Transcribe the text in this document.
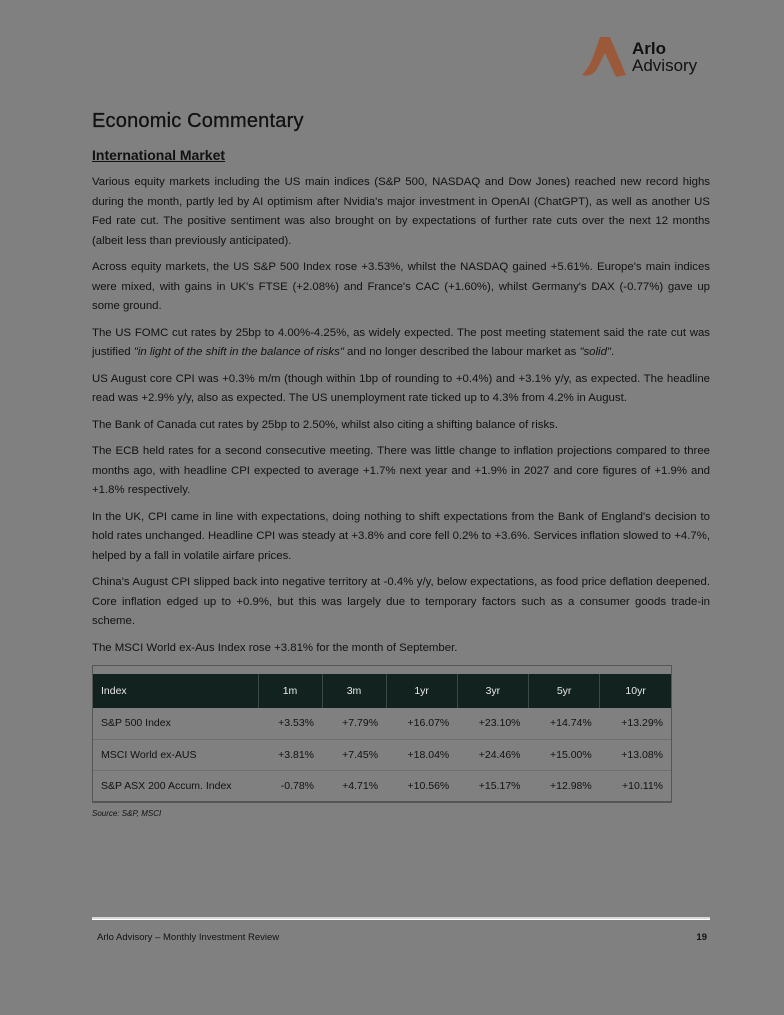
Arlo
Advisory
Economic Commentary
International Market

Various equity markets including the US main indices (S&P 500, NASDAQ and Dow Jones) reached new record highs during the month, partly led by AI optimism after Nvidia's major investment in OpenAI (ChatGPT), as well as another US Fed rate cut. The positive sentiment was also brought on by expectations of further rate cuts over the next 12 months (albeit less than previously anticipated).

Across equity markets, the US S&P 500 Index rose +3.53%, whilst the NASDAQ gained +5.61%. Europe's main indices were mixed, with gains in UK's FTSE (+2.08%) and France's CAC (+1.60%), whilst Germany's DAX (-0.77%) gave up some ground.

The US FOMC cut rates by 25bp to 4.00%-4.25%, as widely expected. The post meeting statement said the rate cut was justified "in light of the shift in the balance of risks" and no longer described the labour market as "solid".

US August core CPI was +0.3% m/m (though within 1bp of rounding to +0.4%) and +3.1% y/y, as expected. The headline read was +2.9% y/y, also as expected. The US unemployment rate ticked up to 4.3% from 4.2% in August.

The Bank of Canada cut rates by 25bp to 2.50%, whilst also citing a shifting balance of risks.

The ECB held rates for a second consecutive meeting. There was little change to inflation projections compared to three months ago, with headline CPI expected to average +1.7% next year and +1.9% in 2027 and core figures of +1.9% and +1.8% respectively.

In the UK, CPI came in line with expectations, doing nothing to shift expectations from the Bank of England's decision to hold rates unchanged. Headline CPI was steady at +3.8% and core fell 0.2% to +3.6%. Services inflation slowed to +4.7%, helped by a fall in volatile airfare prices.

China's August CPI slipped back into negative territory at -0.4% y/y, below expectations, as food price deflation deepened. Core inflation edged up to +0.9%, but this was largely due to temporary factors such as a consumer goods trade-in scheme.

The MSCI World ex-Aus Index rose +3.81% for the month of September.

Index	1m	3m	1yr	3yr	5yr	10yr
S&P 500 Index	+3.53%	+7.79%	+16.07%	+23.10%	+14.74%	+13.29%
MSCI World ex-AUS	+3.81%	+7.45%	+18.04%	+24.46%	+15.00%	+13.08%
S&P ASX 200 Accum. Index	-0.78%	+4.71%	+10.56%	+15.17%	+12.98%	+10.11%
Source: S&P, MSCI
Arlo Advisory – Monthly Investment Review	19
